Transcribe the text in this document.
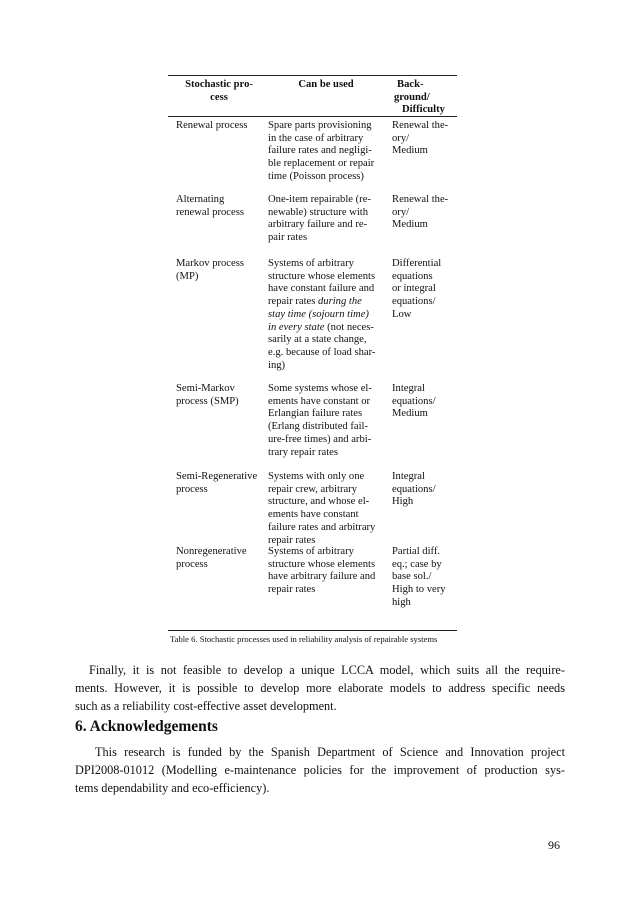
Stochastic pro-
cess
Can be used	Back-
ground/
Difficulty
Renewal process	Spare parts provisioning
in the case of arbitrary
failure rates and negligi-
ble replacement or repair
time (Poisson process)
Renewal the-
ory/
Medium
Alternating
renewal process
One-item repairable (re-
newable) structure with
arbitrary failure and re-
pair rates
Renewal the-
ory/
Medium
Markov process
(MP)
Systems of arbitrary
structure whose elements
have constant failure and
repair rates during the
stay time (sojourn time)
in every state (not neces-
sarily at a state change,
e.g. because of load shar-
ing)
Differential
equations
or integral
equations/
Low
Semi-Markov
process (SMP)
Some systems whose el-
ements have constant or
Erlangian failure rates
(Erlang distributed fail-
ure-free times) and arbi-
trary repair rates
Integral
equations/
Medium
Semi-Regenerative
process
Systems with only one
repair crew, arbitrary
structure, and whose el-
ements have constant
failure rates and arbitrary
repair rates
Integral
equations/
High
Nonregenerative
process
Systems of arbitrary
structure whose elements
have arbitrary failure and
repair rates
Partial diff.
eq.; case by
base sol./
High to very
high
Table 6. Stochastic processes used in reliability analysis of repairable systems
Finally, it is not feasible to develop a unique LCCA model, which suits all the require-
ments. However, it is possible to develop more elaborate models to address specific needs
such as a reliability cost-effective asset development.
6. Acknowledgements
This research is funded by the Spanish Department of Science and Innovation project
DPI2008-01012 (Modelling e-maintenance policies for the improvement of production sys-
tems dependability and eco-efficiency).
96
